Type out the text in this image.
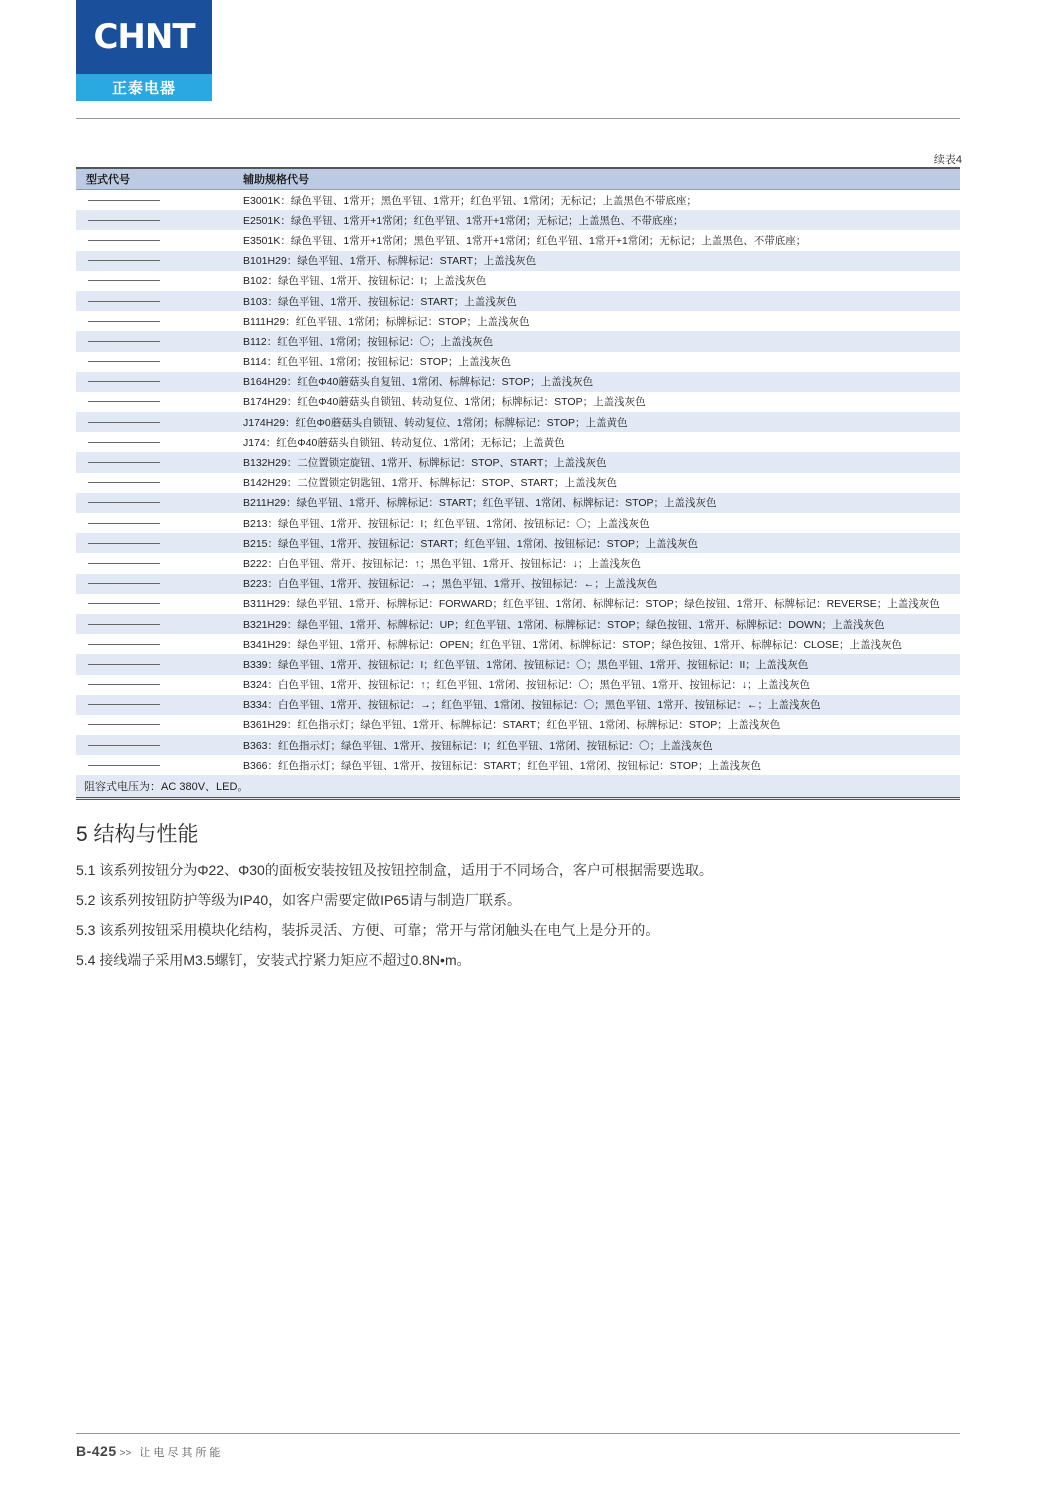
CHNT
正泰电器
续表4
型式代号	辅助规格代号
E3001K：绿色平钮、1常开；黑色平钮、1常开；红色平钮、1常闭；无标记；上盖黑色不带底座；
E2501K：绿色平钮、1常开+1常闭；红色平钮、1常开+1常闭；无标记；上盖黑色、不带底座；
E3501K：绿色平钮、1常开+1常闭；黑色平钮、1常开+1常闭；红色平钮、1常开+1常闭；无标记；上盖黑色、不带底座；
B101H29：绿色平钮、1常开、标牌标记：START；上盖浅灰色
B102：绿色平钮、1常开、按钮标记：I；上盖浅灰色
B103：绿色平钮、1常开、按钮标记：START；上盖浅灰色
B111H29：红色平钮、1常闭；标牌标记：STOP；上盖浅灰色
B112：红色平钮、1常闭；按钮标记：〇；上盖浅灰色
B114：红色平钮、1常闭；按钮标记：STOP；上盖浅灰色
B164H29：红色Φ40蘑菇头自复钮、1常闭、标牌标记：STOP；上盖浅灰色
B174H29：红色Φ40蘑菇头自锁钮、转动复位、1常闭；标牌标记：STOP；上盖浅灰色
J174H29：红色Φ0蘑菇头自锁钮、转动复位、1常闭；标牌标记：STOP；上盖黄色
J174：红色Φ40蘑菇头自锁钮、转动复位、1常闭；无标记；上盖黄色
B132H29：二位置锁定旋钮、1常开、标牌标记：STOP、START；上盖浅灰色
B142H29：二位置锁定钥匙钮、1常开、标牌标记：STOP、START；上盖浅灰色
B211H29：绿色平钮、1常开、标牌标记：START；红色平钮、1常闭、标牌标记：STOP；上盖浅灰色
B213：绿色平钮、1常开、按钮标记：I；红色平钮、1常闭、按钮标记：〇；上盖浅灰色
B215：绿色平钮、1常开、按钮标记：START；红色平钮、1常闭、按钮标记：STOP；上盖浅灰色
B222：白色平钮、常开、按钮标记：↑；黑色平钮、1常开、按钮标记：↓；上盖浅灰色
B223：白色平钮、1常开、按钮标记：→；黑色平钮、1常开、按钮标记：←；上盖浅灰色
B311H29：绿色平钮、1常开、标牌标记：FORWARD；红色平钮、1常闭、标牌标记：STOP；绿色按钮、1常开、标牌标记：REVERSE；上盖浅灰色
B321H29：绿色平钮、1常开、标牌标记：UP；红色平钮、1常闭、标牌标记：STOP；绿色按钮、1常开、标牌标记：DOWN；上盖浅灰色
B341H29：绿色平钮、1常开、标牌标记：OPEN；红色平钮、1常闭、标牌标记：STOP；绿色按钮、1常开、标牌标记：CLOSE；上盖浅灰色
B339：绿色平钮、1常开、按钮标记：I；红色平钮、1常闭、按钮标记：〇；黑色平钮、1常开、按钮标记：II；上盖浅灰色
B324：白色平钮、1常开、按钮标记：↑；红色平钮、1常闭、按钮标记：〇；黑色平钮、1常开、按钮标记：↓；上盖浅灰色
B334：白色平钮、1常开、按钮标记：→；红色平钮、1常闭、按钮标记：〇；黑色平钮、1常开、按钮标记：←；上盖浅灰色
B361H29：红色指示灯；绿色平钮、1常开、标牌标记：START；红色平钮、1常闭、标牌标记：STOP；上盖浅灰色
B363：红色指示灯；绿色平钮、1常开、按钮标记：I；红色平钮、1常闭、按钮标记：〇；上盖浅灰色
B366：红色指示灯；绿色平钮、1常开、按钮标记：START；红色平钮、1常闭、按钮标记：STOP；上盖浅灰色
阻容式电压为：AC 380V、LED。
5 结构与性能
5.1 该系列按钮分为Φ22、Φ30的面板安装按钮及按钮控制盒，适用于不同场合，客户可根据需要选取。
5.2 该系列按钮防护等级为IP40，如客户需要定做IP65请与制造厂联系。
5.3 该系列按钮采用模块化结构，装拆灵活、方便、可靠；常开与常闭触头在电气上是分开的。
5.4 接线端子采用M3.5螺钉，安装式拧紧力矩应不超过0.8N•m。
B-425 >> 让电尽其所能
